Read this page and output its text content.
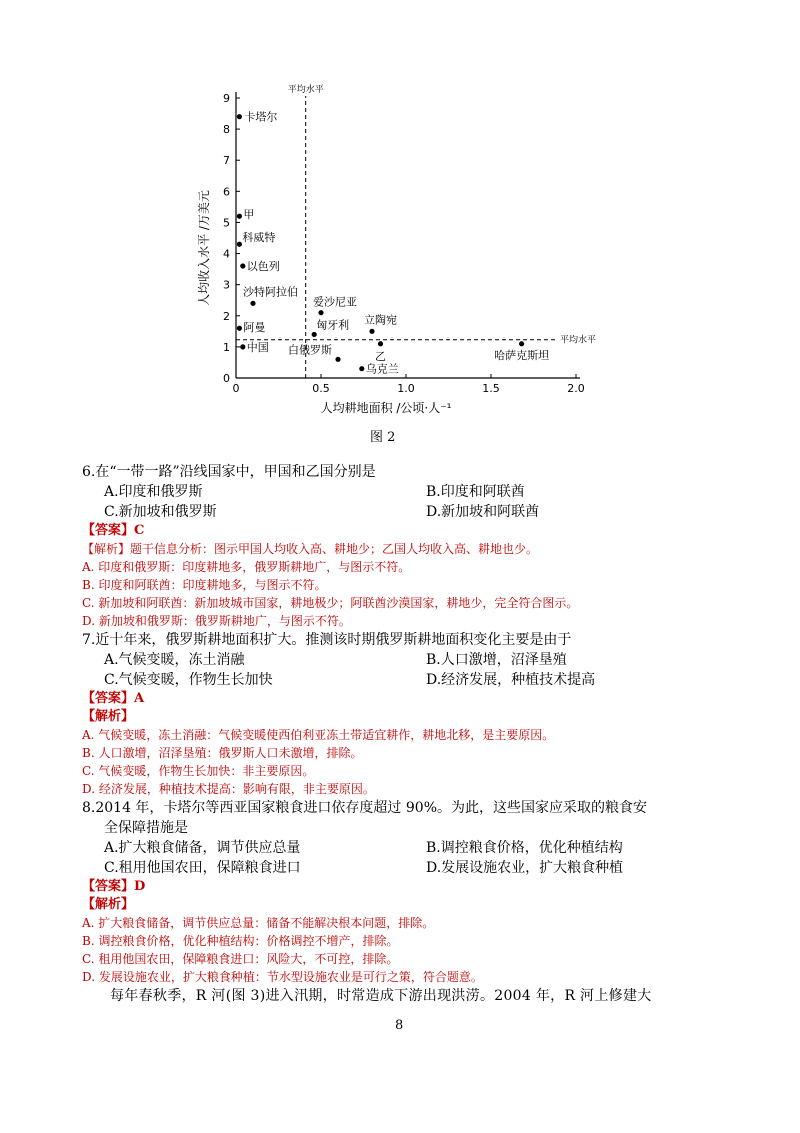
0
1
2
3
4
5
6
7
8
9
0	0.5	1.0	1.5	2.0
平均水平
平均水平
卡塔尔
甲
科威特
以色列
沙特阿拉伯
阿曼
中国
爱沙尼亚
匈牙利 立陶宛
白俄罗斯	乙
乌克兰
哈萨克斯坦
人均收入水平 /万美元
人均耕地面积 /公顷·人⁻¹
图 2

6.在“一带一路”沿线国家中，甲国和乙国分别是

A.印度和俄罗斯	B.印度和阿联酋
C.新加坡和俄罗斯	D.新加坡和阿联酋
【答案】C

【解析】题干信息分析：图示甲国人均收入高、耕地少；乙国人均收入高、耕地也少。

A. 印度和俄罗斯：印度耕地多，俄罗斯耕地广，与图示不符。

B. 印度和阿联酋：印度耕地多，与图示不符。

C. 新加坡和阿联酋：新加坡城市国家，耕地极少；阿联酋沙漠国家，耕地少，完全符合图示。

D. 新加坡和俄罗斯：俄罗斯耕地广，与图示不符。

7.近十年来，俄罗斯耕地面积扩大。推测该时期俄罗斯耕地面积变化主要是由于

A.气候变暖，冻土消融	B.人口激增，沼泽垦殖
C.气候变暖，作物生长加快	D.经济发展，种植技术提高
【答案】A
【解析】

A. 气候变暖，冻土消融：气候变暖使西伯利亚冻土带适宜耕作，耕地北移，是主要原因。

B. 人口激增，沼泽垦殖：俄罗斯人口未激增，排除。

C. 气候变暖，作物生长加快：非主要原因。

D. 经济发展，种植技术提高：影响有限，非主要原因。

8.2014 年，卡塔尔等西亚国家粮食进口依存度超过 90%。为此，这些国家应采取的粮食安

全保障措施是

A.扩大粮食储备，调节供应总量	B.调控粮食价格，优化种植结构
C.租用他国农田，保障粮食进口	D.发展设施农业，扩大粮食种植
【答案】D
【解析】

A. 扩大粮食储备，调节供应总量：储备不能解决根本问题，排除。

B. 调控粮食价格，优化种植结构：价格调控不增产，排除。

C. 租用他国农田，保障粮食进口：风险大，不可控，排除。

D. 发展设施农业，扩大粮食种植：节水型设施农业是可行之策，符合题意。

每年春秋季，R 河(图 3)进入汛期，时常造成下游出现洪涝。2004 年，R 河上修建大

8
